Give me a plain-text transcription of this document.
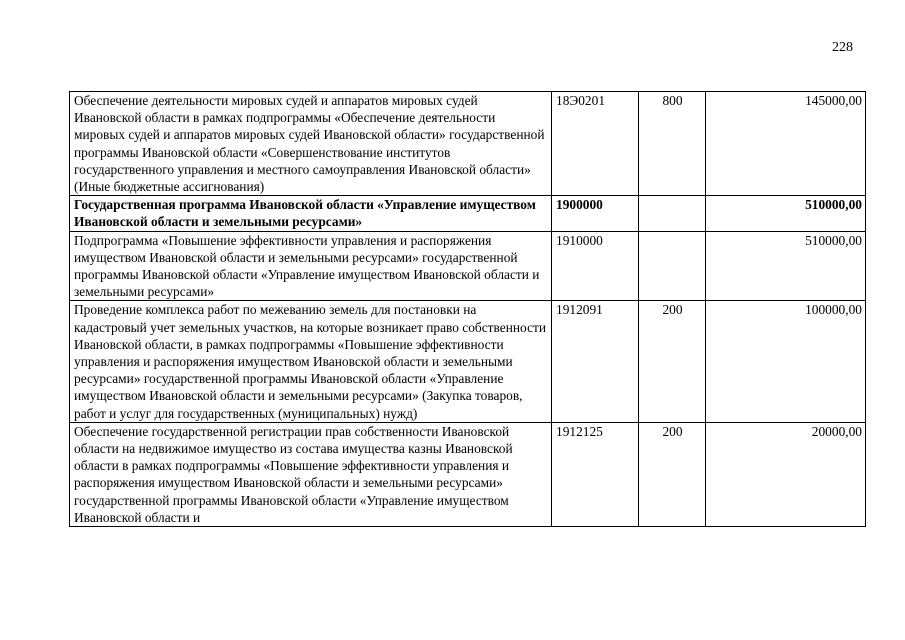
228
Обеспечение деятельности мировых судей и аппаратов мировых судей Ивановской области в рамках подпрограммы «Обеспечение деятельности мировых судей и аппаратов мировых судей Ивановской области» государственной программы Ивановской области «Совершенствование институтов государственного управления и местного самоуправления Ивановской области» (Иные бюджетные ассигнования)	18Э0201	800	145000,00
Государственная программа Ивановской области «Управление имуществом Ивановской области и земельными ресурсами»	1900000		510000,00
Подпрограмма «Повышение эффективности управления и распоряжения имуществом Ивановской области и земельными ресурсами» государственной программы Ивановской области «Управление имуществом Ивановской области и земельными ресурсами»	1910000		510000,00
Проведение комплекса работ по межеванию земель для постановки на кадастровый учет земельных участков, на которые возникает право собственности Ивановской области, в рамках подпрограммы «Повышение эффективности управления и распоряжения имуществом Ивановской области и земельными ресурсами» государственной программы Ивановской области «Управление имуществом Ивановской области и земельными ресурсами» (Закупка товаров, работ и услуг для государственных (муниципальных) нужд)	1912091	200	100000,00
Обеспечение государственной регистрации прав собственности Ивановской области на недвижимое имущество из состава имущества казны Ивановской области в рамках подпрограммы «Повышение эффективности управления и распоряжения имуществом Ивановской области и земельными ресурсами» государственной программы Ивановской области «Управление имуществом Ивановской области и	1912125	200	20000,00
